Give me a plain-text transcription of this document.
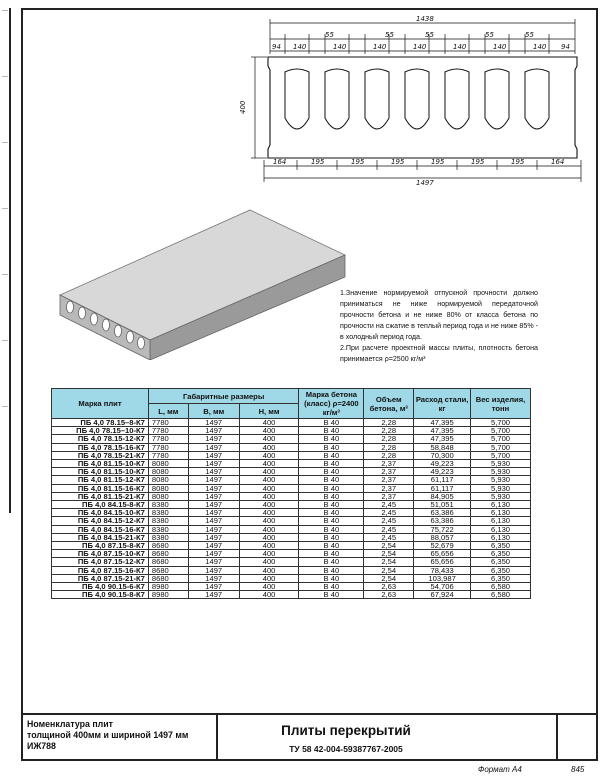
1438
55	55	55	55	55
94 140	140	140	140	140	140	140 94
400
164	195	195	195	195	195	195	164
1497

1.Значение нормируемой отпускной прочности должно приниматься не ниже нормируемой передаточной прочности бетона и не ниже 80% от класса бетона по прочности на сжатие в теплый период года и не ниже 85% - в холодный период года.

2.При расчете проектной массы плиты, плотность бетона принимается ρ=2500 кг/м³

Марка плит	Габаритные размеры			Марка бетона (класс) ρ=2400 кг/м³	Объем бетона, м³	Расход стали, кг	Вес изделия, тонн
	L, мм	B, мм	H, мм				
ПБ 4,0 78.15–8-К7	7780	1497	400	В 40	2,28	47,395	5,700
ПБ 4,0 78.15–10-К7	7780	1497	400	В 40	2,28	47,395	5,700
ПБ 4,0 78.15-12-К7	7780	1497	400	В 40	2,28	47,395	5,700
ПБ 4,0 78.15-16-К7	7780	1497	400	В 40	2,28	58,848	5,700
ПБ 4,0 78.15-21-К7	7780	1497	400	В 40	2,28	70,300	5,700
ПБ 4,0 81.15-10-К7	8080	1497	400	В 40	2,37	49,223	5,930
ПБ 4,0 81.15-10-К7	8080	1497	400	В 40	2,37	49,223	5,930
ПБ 4,0 81.15-12-К7	8080	1497	400	В 40	2,37	61,117	5,930
ПБ 4,0 81.15-16-К7	8080	1497	400	В 40	2,37	61,117	5,930
ПБ 4,0 81.15-21-К7	8080	1497	400	В 40	2,37	84,905	5,930
ПБ 4,0 84.15-8-К7	8380	1497	400	В 40	2,45	51,051	6,130
ПБ 4,0 84.15-10-К7	8380	1497	400	В 40	2,45	63,386	6,130
ПБ 4,0 84.15-12-К7	8380	1497	400	В 40	2,45	63,386	6,130
ПБ 4,0 84.15-16-К7	8380	1497	400	В 40	2,45	75,722	6,130
ПБ 4,0 84.15-21-К7	8380	1497	400	В 40	2,45	88,057	6,130
ПБ 4,0 87.15-8-К7	8680	1497	400	В 40	2,54	52,679	6,350
ПБ 4,0 87.15-10-К7	8680	1497	400	В 40	2,54	65,656	6,350
ПБ 4,0 87.15-12-К7	8680	1497	400	В 40	2,54	65,656	6,350
ПБ 4,0 87.15-16-К7	8680	1497	400	В 40	2,54	78,433	6,350
ПБ 4,0 87.15-21-К7	8680	1497	400	В 40	2,54	103,987	6,350
ПБ 4,0 90.15-6-К7	8980	1497	400	В 40	2,63	54,706	6,580
ПБ 4,0 90.15-8-К7	8980	1497	400	В 40	2,63	67,924	6,580
Номенклатура плит
толщиной 400мм и шириной 1497 мм
ИЖ788
Плиты перекрытий
ТУ 58 42-004-59387767-2005
Формат А4	845
